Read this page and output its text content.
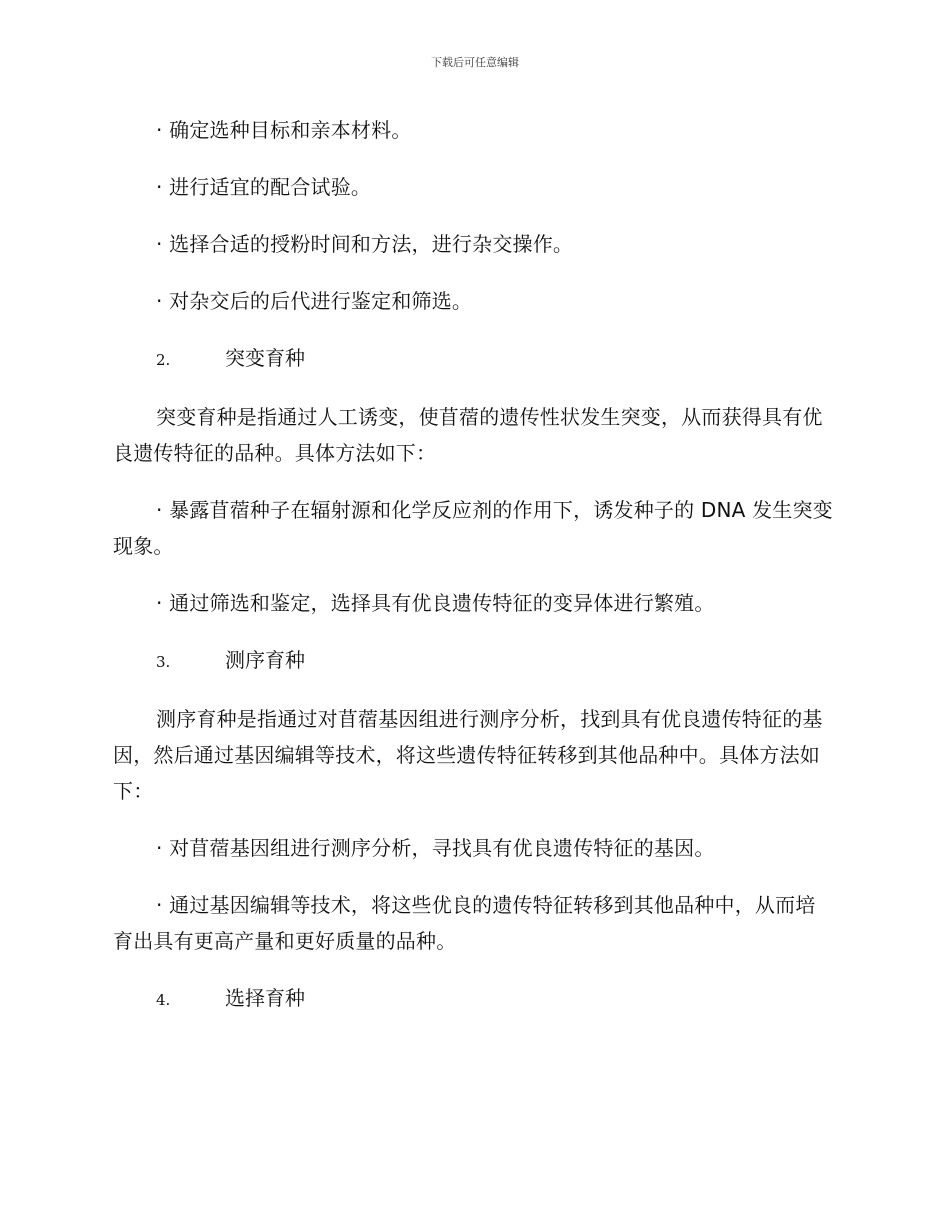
下载后可任意编辑

· 确定选种目标和亲本材料。

· 进行适宜的配合试验。

· 选择合适的授粉时间和方法，进行杂交操作。

· 对杂交后的后代进行鉴定和筛选。

2.	突变育种

突变育种是指通过人工诱变，使苜蓿的遗传性状发生突变，从而获得具有优良遗传特征的品种。具体方法如下：

· 暴露苜蓿种子在辐射源和化学反应剂的作用下，诱发种子的 DNA 发生突变现象。

· 通过筛选和鉴定，选择具有优良遗传特征的变异体进行繁殖。

3.	测序育种

测序育种是指通过对苜蓿基因组进行测序分析，找到具有优良遗传特征的基因，然后通过基因编辑等技术，将这些遗传特征转移到其他品种中。具体方法如下：

· 对苜蓿基因组进行测序分析，寻找具有优良遗传特征的基因。

· 通过基因编辑等技术，将这些优良的遗传特征转移到其他品种中，从而培育出具有更高产量和更好质量的品种。

4.	选择育种
